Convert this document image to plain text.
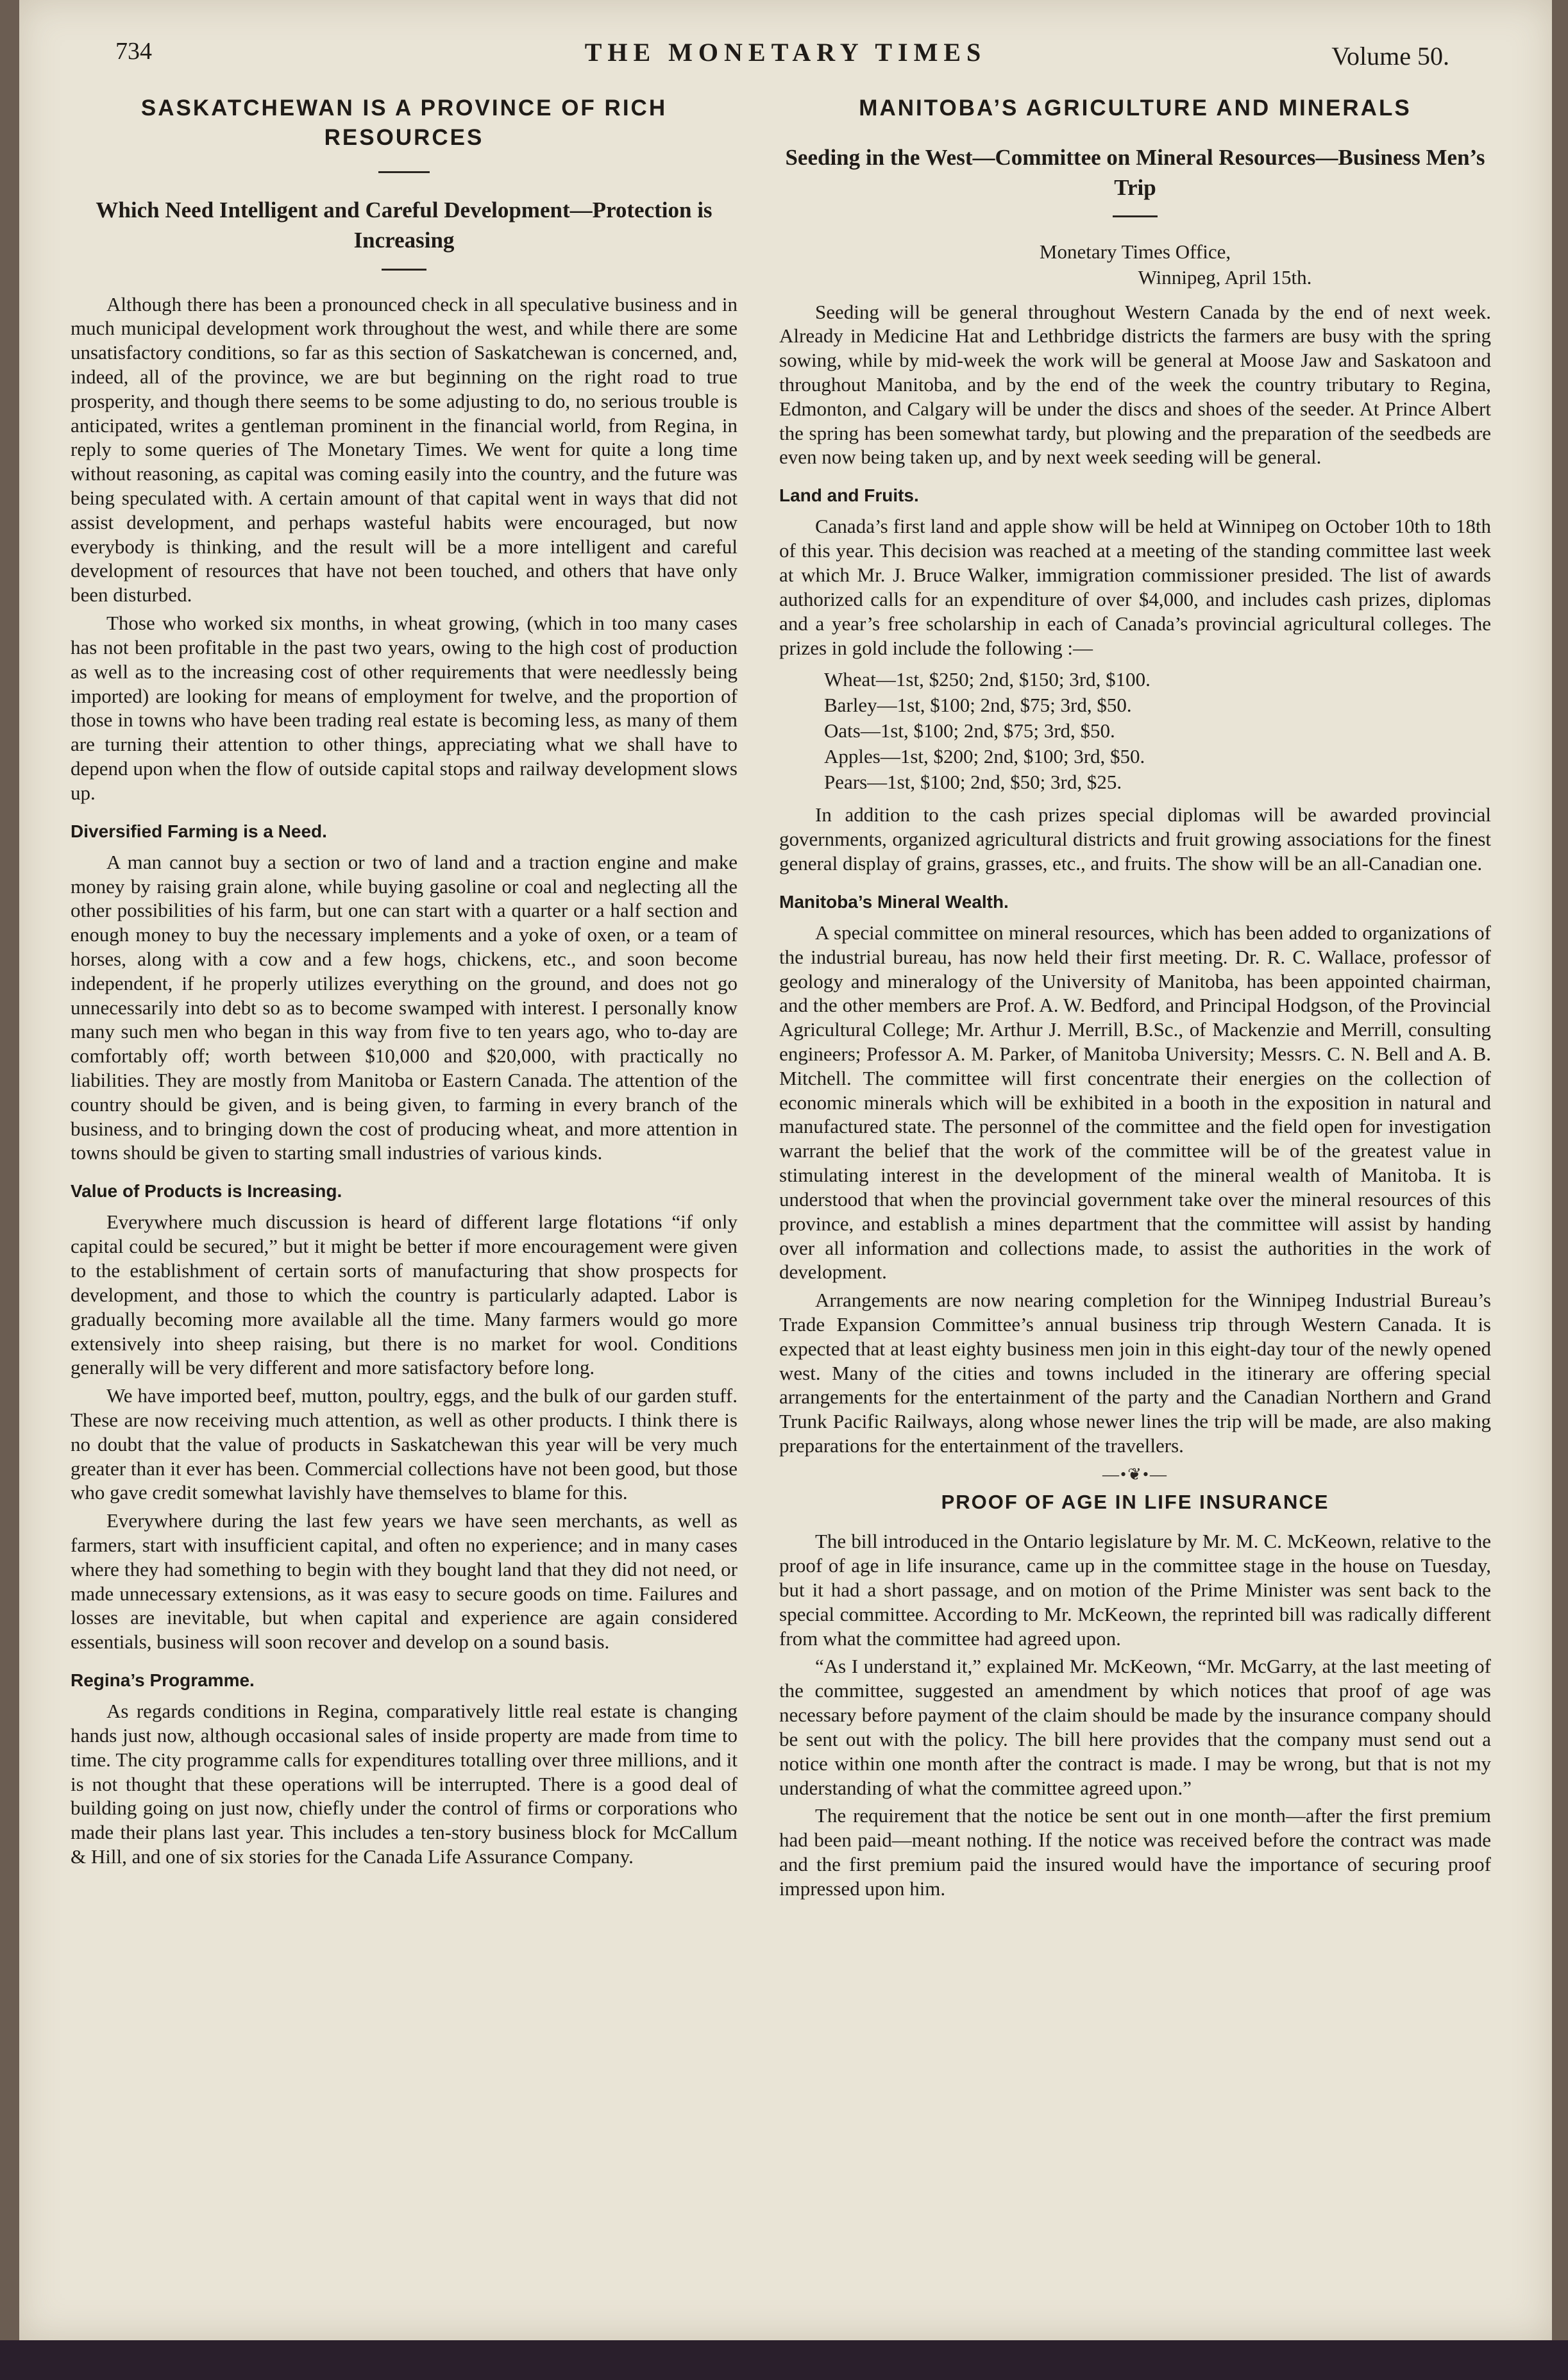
734	THE MONETARY TIMES	Volume 50.
SASKATCHEWAN IS A PROVINCE OF RICH RESOURCES
Which Need Intelligent and Careful Development—Protection is Increasing

Although there has been a pronounced check in all speculative business and in much municipal development work throughout the west, and while there are some unsatisfactory conditions, so far as this section of Saskatchewan is concerned, and, indeed, all of the province, we are but beginning on the right road to true prosperity, and though there seems to be some adjusting to do, no serious trouble is anticipated, writes a gentleman prominent in the financial world, from Regina, in reply to some queries of The Monetary Times. We went for quite a long time without reasoning, as capital was coming easily into the country, and the future was being speculated with. A certain amount of that capital went in ways that did not assist development, and perhaps wasteful habits were encouraged, but now everybody is thinking, and the result will be a more intelligent and careful development of resources that have not been touched, and others that have only been disturbed.

Those who worked six months, in wheat growing, (which in too many cases has not been profitable in the past two years, owing to the high cost of production as well as to the increasing cost of other requirements that were needlessly being imported) are looking for means of employment for twelve, and the proportion of those in towns who have been trading real estate is becoming less, as many of them are turning their attention to other things, appreciating what we shall have to depend upon when the flow of outside capital stops and railway development slows up.

Diversified Farming is a Need.

A man cannot buy a section or two of land and a traction engine and make money by raising grain alone, while buying gasoline or coal and neglecting all the other possibilities of his farm, but one can start with a quarter or a half section and enough money to buy the necessary implements and a yoke of oxen, or a team of horses, along with a cow and a few hogs, chickens, etc., and soon become independent, if he properly utilizes everything on the ground, and does not go unnecessarily into debt so as to become swamped with interest. I personally know many such men who began in this way from five to ten years ago, who to-day are comfortably off; worth between $10,000 and $20,000, with practically no liabilities. They are mostly from Manitoba or Eastern Canada. The attention of the country should be given, and is being given, to farming in every branch of the business, and to bringing down the cost of producing wheat, and more attention in towns should be given to starting small industries of various kinds.

Value of Products is Increasing.

Everywhere much discussion is heard of different large flotations “if only capital could be secured,” but it might be better if more encouragement were given to the establishment of certain sorts of manufacturing that show prospects for development, and those to which the country is particularly adapted. Labor is gradually becoming more available all the time. Many farmers would go more extensively into sheep raising, but there is no market for wool. Conditions generally will be very different and more satisfactory before long.

We have imported beef, mutton, poultry, eggs, and the bulk of our garden stuff. These are now receiving much attention, as well as other products. I think there is no doubt that the value of products in Saskatchewan this year will be very much greater than it ever has been. Commercial collections have not been good, but those who gave credit somewhat lavishly have themselves to blame for this.

Everywhere during the last few years we have seen merchants, as well as farmers, start with insufficient capital, and often no experience; and in many cases where they had something to begin with they bought land that they did not need, or made unnecessary extensions, as it was easy to secure goods on time. Failures and losses are inevitable, but when capital and experience are again considered essentials, business will soon recover and develop on a sound basis.

Regina’s Programme.

As regards conditions in Regina, comparatively little real estate is changing hands just now, although occasional sales of inside property are made from time to time. The city programme calls for expenditures totalling over three millions, and it is not thought that these operations will be interrupted. There is a good deal of building going on just now, chiefly under the control of firms or corporations who made their plans last year. This includes a ten-story business block for McCallum & Hill, and one of six stories for the Canada Life Assurance Company.

MANITOBA’S AGRICULTURE AND MINERALS
Seeding in the West—Committee on Mineral Resources—Business Men’s Trip
Monetary Times Office,
Winnipeg, April 15th.

Seeding will be general throughout Western Canada by the end of next week. Already in Medicine Hat and Lethbridge districts the farmers are busy with the spring sowing, while by mid-week the work will be general at Moose Jaw and Saskatoon and throughout Manitoba, and by the end of the week the country tributary to Regina, Edmonton, and Calgary will be under the discs and shoes of the seeder. At Prince Albert the spring has been somewhat tardy, but plowing and the preparation of the seedbeds are even now being taken up, and by next week seeding will be general.

Land and Fruits.

Canada’s first land and apple show will be held at Winnipeg on October 10th to 18th of this year. This decision was reached at a meeting of the standing committee last week at which Mr. J. Bruce Walker, immigration commissioner presided. The list of awards authorized calls for an expenditure of over $4,000, and includes cash prizes, diplomas and a year’s free scholarship in each of Canada’s provincial agricultural colleges. The prizes in gold include the following :—

Wheat—1st, $250; 2nd, $150; 3rd, $100.
Barley—1st, $100; 2nd, $75; 3rd, $50.
Oats—1st, $100; 2nd, $75; 3rd, $50.
Apples—1st, $200; 2nd, $100; 3rd, $50.
Pears—1st, $100; 2nd, $50; 3rd, $25.

In addition to the cash prizes special diplomas will be awarded provincial governments, organized agricultural districts and fruit growing associations for the finest general display of grains, grasses, etc., and fruits. The show will be an all-Canadian one.

Manitoba’s Mineral Wealth.

A special committee on mineral resources, which has been added to organizations of the industrial bureau, has now held their first meeting. Dr. R. C. Wallace, professor of geology and mineralogy of the University of Manitoba, has been appointed chairman, and the other members are Prof. A. W. Bedford, and Principal Hodgson, of the Provincial Agricultural College; Mr. Arthur J. Merrill, B.Sc., of Mackenzie and Merrill, consulting engineers; Professor A. M. Parker, of Manitoba University; Messrs. C. N. Bell and A. B. Mitchell. The committee will first concentrate their energies on the collection of economic minerals which will be exhibited in a booth in the exposition in natural and manufactured state. The personnel of the committee and the field open for investigation warrant the belief that the work of the committee will be of the greatest value in stimulating interest in the development of the mineral wealth of Manitoba. It is understood that when the provincial government take over the mineral resources of this province, and establish a mines department that the committee will assist by handing over all information and collections made, to assist the authorities in the work of development.

Arrangements are now nearing completion for the Winnipeg Industrial Bureau’s Trade Expansion Committee’s annual business trip through Western Canada. It is expected that at least eighty business men join in this eight-day tour of the newly opened west. Many of the cities and towns included in the itinerary are offering special arrangements for the entertainment of the party and the Canadian Northern and Grand Trunk Pacific Railways, along whose newer lines the trip will be made, are also making preparations for the entertainment of the travellers.

—•❦•—
PROOF OF AGE IN LIFE INSURANCE

The bill introduced in the Ontario legislature by Mr. M. C. McKeown, relative to the proof of age in life insurance, came up in the committee stage in the house on Tuesday, but it had a short passage, and on motion of the Prime Minister was sent back to the special committee. According to Mr. McKeown, the reprinted bill was radically different from what the committee had agreed upon.

“As I understand it,” explained Mr. McKeown, “Mr. McGarry, at the last meeting of the committee, suggested an amendment by which notices that proof of age was necessary before payment of the claim should be made by the insurance company should be sent out with the policy. The bill here provides that the company must send out a notice within one month after the contract is made. I may be wrong, but that is not my understanding of what the committee agreed upon.”

The requirement that the notice be sent out in one month—after the first premium had been paid—meant nothing. If the notice was received before the contract was made and the first premium paid the insured would have the importance of securing proof impressed upon him.
